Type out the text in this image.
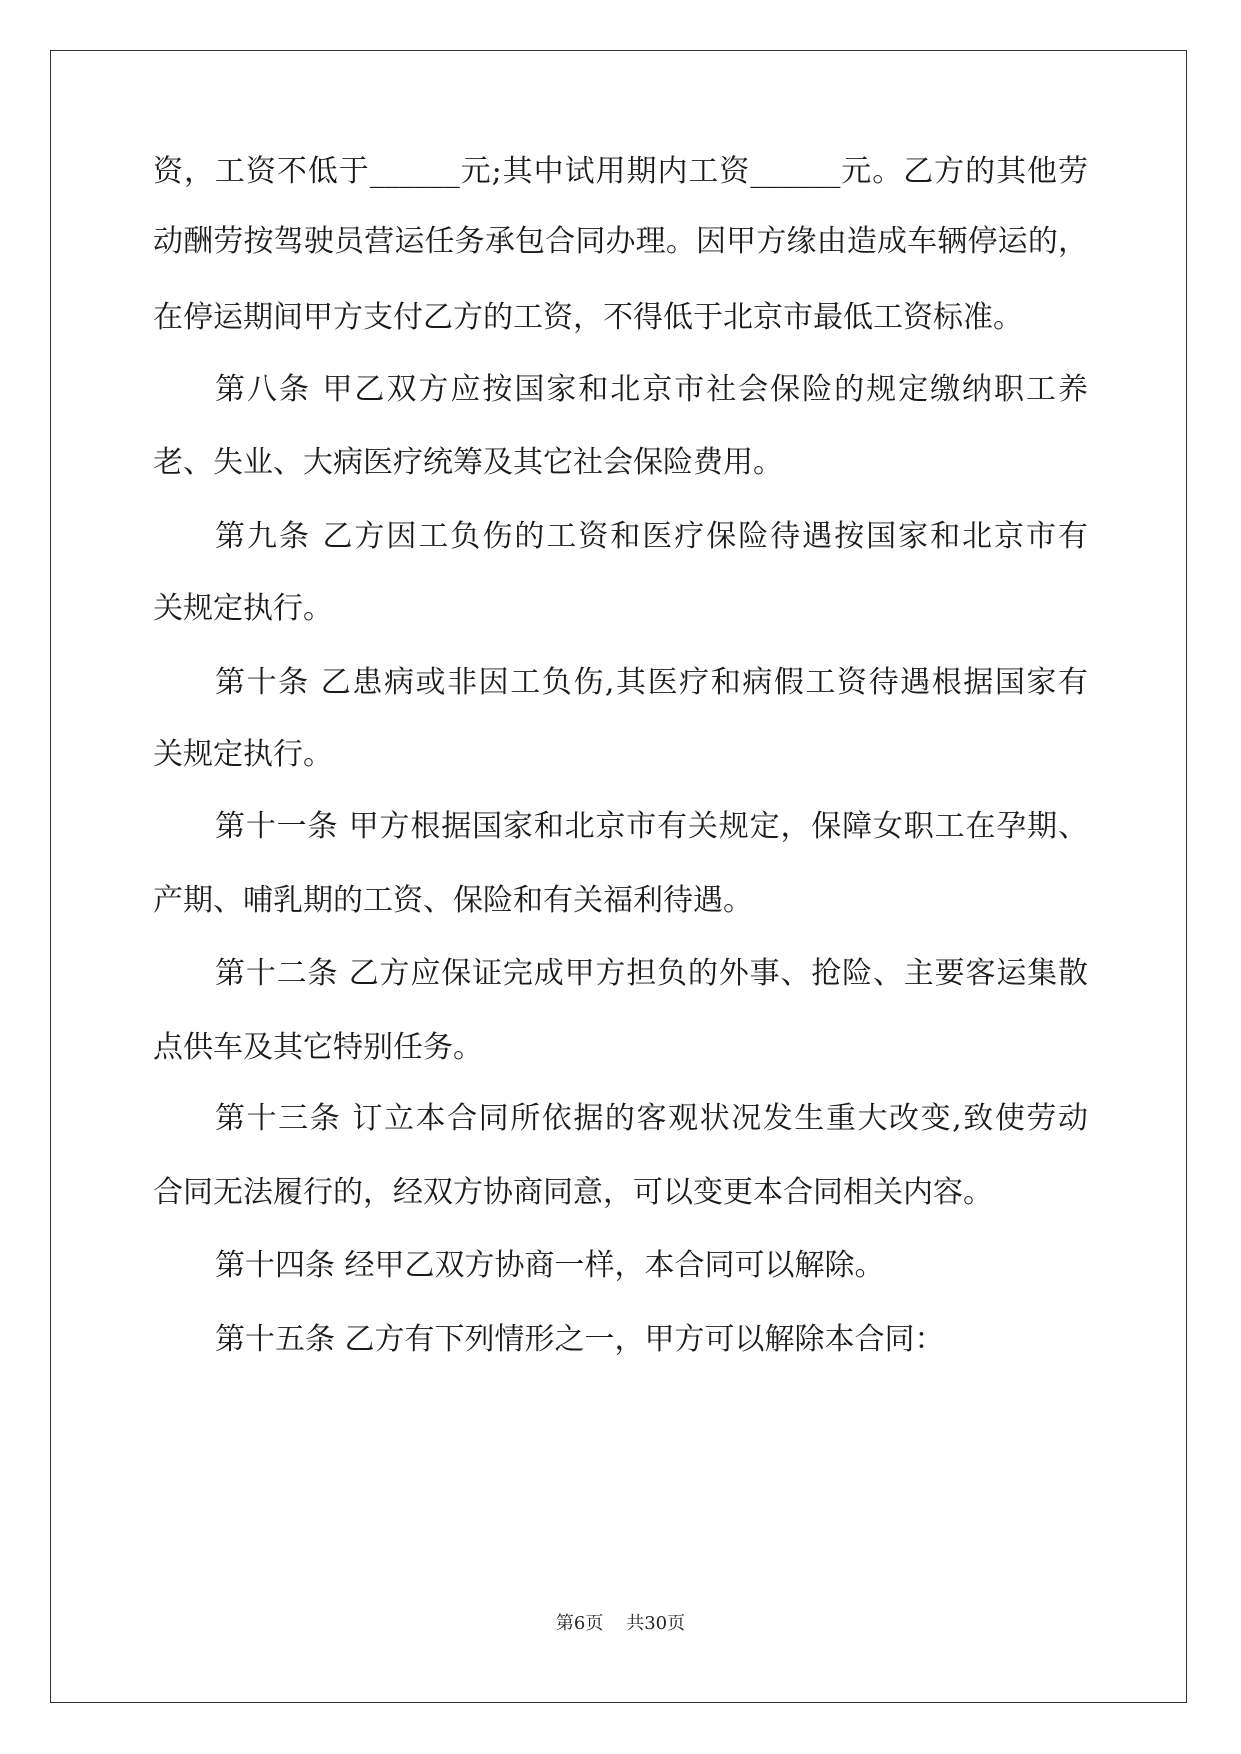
资，工资不低于______元;其中试用期内工资______元。乙方的其他劳
动酬劳按驾驶员营运任务承包合同办理。因甲方缘由造成车辆停运的，
在停运期间甲方支付乙方的工资，不得低于北京市最低工资标准。
第八条 甲乙双方应按国家和北京市社会保险的规定缴纳职工养
老、失业、大病医疗统筹及其它社会保险费用。
第九条 乙方因工负伤的工资和医疗保险待遇按国家和北京市有
关规定执行。
第十条 乙患病或非因工负伤,其医疗和病假工资待遇根据国家有
关规定执行。
第十一条 甲方根据国家和北京市有关规定，保障女职工在孕期、
产期、哺乳期的工资、保险和有关福利待遇。
第十二条 乙方应保证完成甲方担负的外事、抢险、主要客运集散
点供车及其它特别任务。
第十三条 订立本合同所依据的客观状况发生重大改变,致使劳动
合同无法履行的，经双方协商同意，可以变更本合同相关内容。
第十四条 经甲乙双方协商一样，本合同可以解除。
第十五条 乙方有下列情形之一，甲方可以解除本合同：
第6页 共30页
